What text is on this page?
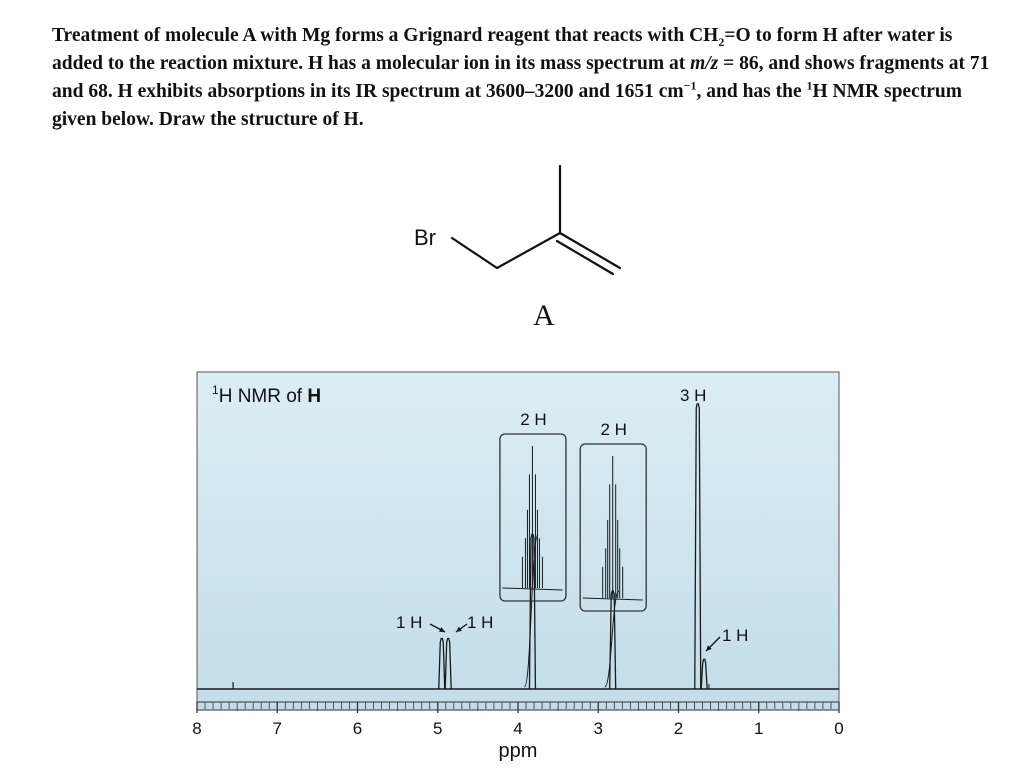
Treatment of molecule A with Mg forms a Grignard reagent that reacts with $CH_2=O$ to form H after water is added to the reaction mixture. H has a molecular ion in its mass spectrum at m/z = 86, and shows fragments at 71 and 68. H exhibits absorptions in its IR spectrum at 3600–3200 and 1651 $cm^{-1}$, and has the $^1$H NMR spectrum given below. Draw the structure of H.
Br
A
$^1$H NMR of H
8	7	6	5	4	3	2	1	0
2 H
2 H
1 H	1 H
3 H
1 H
ppm
